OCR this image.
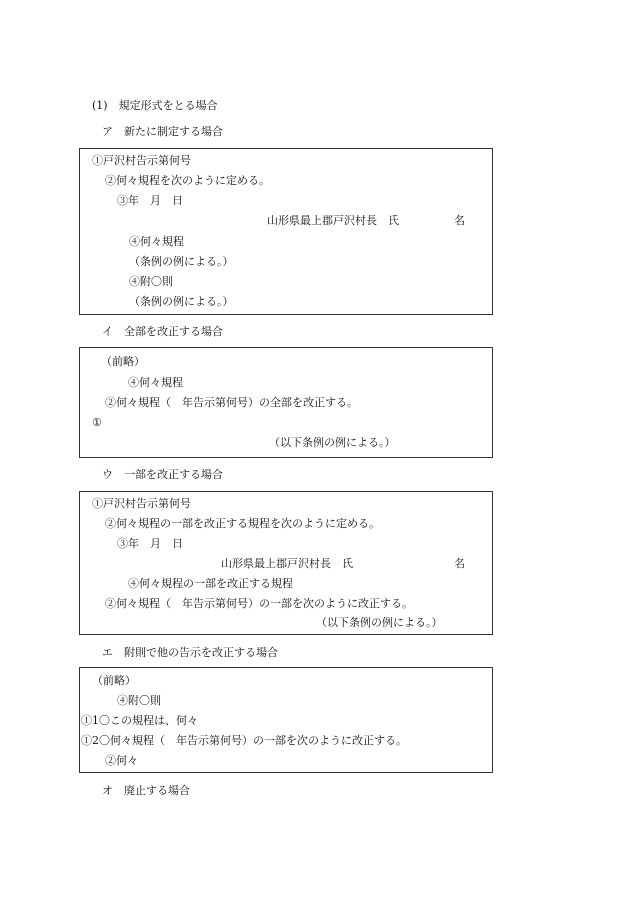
(1)　規定形式をとる場合
ア　新たに制定する場合
①戸沢村告示第何号
②何々規程を次のように定める。
③年　月　日
山形県最上郡戸沢村長　氏	名
④何々規程
（条例の例による。）
④附〇則
（条例の例による。）
イ　全部を改正する場合
（前略）
④何々規程
②何々規程（　年告示第何号）の全部を改正する。
①
（以下条例の例による。）
ウ　一部を改正する場合
①戸沢村告示第何号
②何々規程の一部を改正する規程を次のように定める。
③年　月　日
山形県最上郡戸沢村長　氏	名
④何々規程の一部を改正する規程
②何々規程（　年告示第何号）の一部を次のように改正する。
（以下条例の例による。）
エ　附則で他の告示を改正する場合
（前略）
④附〇則
①1〇この規程は、何々
①2〇何々規程（　年告示第何号）の一部を次のように改正する。
②何々
オ　廃止する場合
